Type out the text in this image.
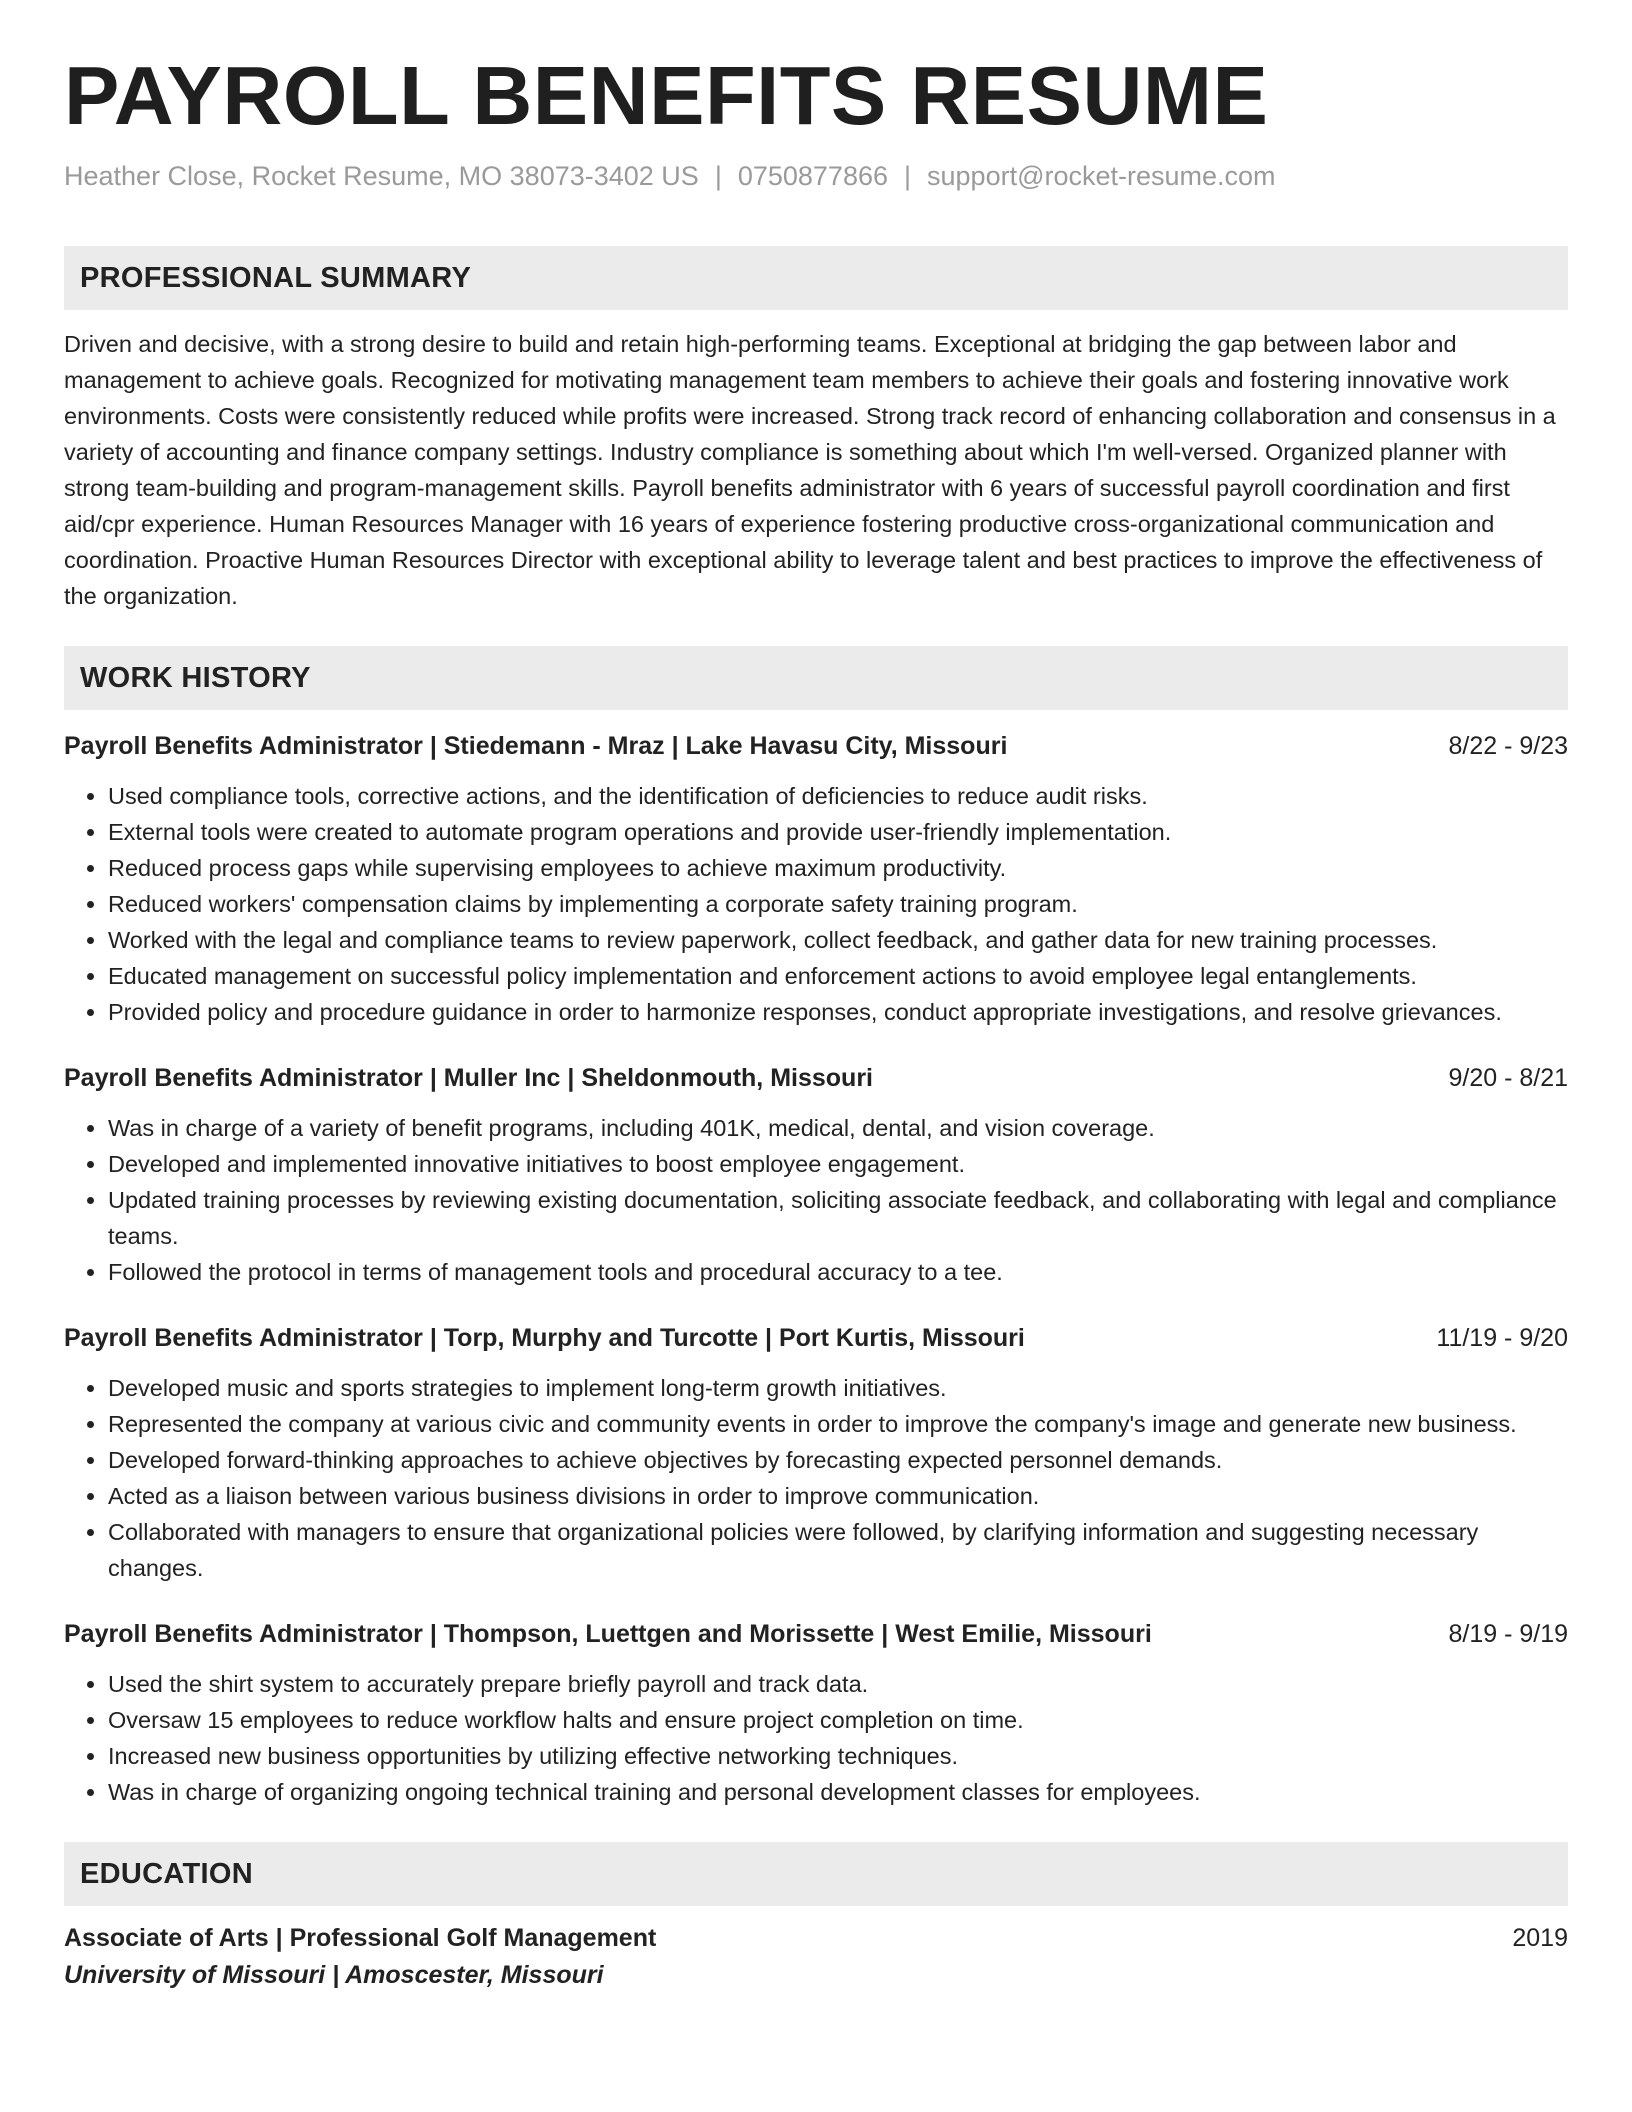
PAYROLL BENEFITS RESUME
Heather Close, Rocket Resume, MO 38073-3402 US | 0750877866 | support@rocket-resume.com
PROFESSIONAL SUMMARY
Driven and decisive, with a strong desire to build and retain high-performing teams. Exceptional at bridging the gap between labor and management to achieve goals. Recognized for motivating management team members to achieve their goals and fostering innovative work environments. Costs were consistently reduced while profits were increased. Strong track record of enhancing collaboration and consensus in a variety of accounting and finance company settings. Industry compliance is something about which I'm well-versed. Organized planner with strong team-building and program-management skills. Payroll benefits administrator with 6 years of successful payroll coordination and first aid/cpr experience. Human Resources Manager with 16 years of experience fostering productive cross-organizational communication and coordination. Proactive Human Resources Director with exceptional ability to leverage talent and best practices to improve the effectiveness of the organization.
WORK HISTORY
Payroll Benefits Administrator | Stiedemann - Mraz | Lake Havasu City, Missouri	8/22 - 9/23
• Used compliance tools, corrective actions, and the identification of deficiencies to reduce audit risks.
• External tools were created to automate program operations and provide user-friendly implementation.
• Reduced process gaps while supervising employees to achieve maximum productivity.
• Reduced workers' compensation claims by implementing a corporate safety training program.
• Worked with the legal and compliance teams to review paperwork, collect feedback, and gather data for new training processes.
• Educated management on successful policy implementation and enforcement actions to avoid employee legal entanglements.
• Provided policy and procedure guidance in order to harmonize responses, conduct appropriate investigations, and resolve grievances.
Payroll Benefits Administrator | Muller Inc | Sheldonmouth, Missouri	9/20 - 8/21
• Was in charge of a variety of benefit programs, including 401K, medical, dental, and vision coverage.
• Developed and implemented innovative initiatives to boost employee engagement.
• Updated training processes by reviewing existing documentation, soliciting associate feedback, and collaborating with legal and compliance teams.
• Followed the protocol in terms of management tools and procedural accuracy to a tee.
Payroll Benefits Administrator | Torp, Murphy and Turcotte | Port Kurtis, Missouri	11/19 - 9/20
• Developed music and sports strategies to implement long-term growth initiatives.
• Represented the company at various civic and community events in order to improve the company's image and generate new business.
• Developed forward-thinking approaches to achieve objectives by forecasting expected personnel demands.
• Acted as a liaison between various business divisions in order to improve communication.
• Collaborated with managers to ensure that organizational policies were followed, by clarifying information and suggesting necessary changes.
Payroll Benefits Administrator | Thompson, Luettgen and Morissette | West Emilie, Missouri	8/19 - 9/19
• Used the shirt system to accurately prepare briefly payroll and track data.
• Oversaw 15 employees to reduce workflow halts and ensure project completion on time.
• Increased new business opportunities by utilizing effective networking techniques.
• Was in charge of organizing ongoing technical training and personal development classes for employees.
EDUCATION
Associate of Arts | Professional Golf Management	2019
University of Missouri | Amoscester, Missouri
